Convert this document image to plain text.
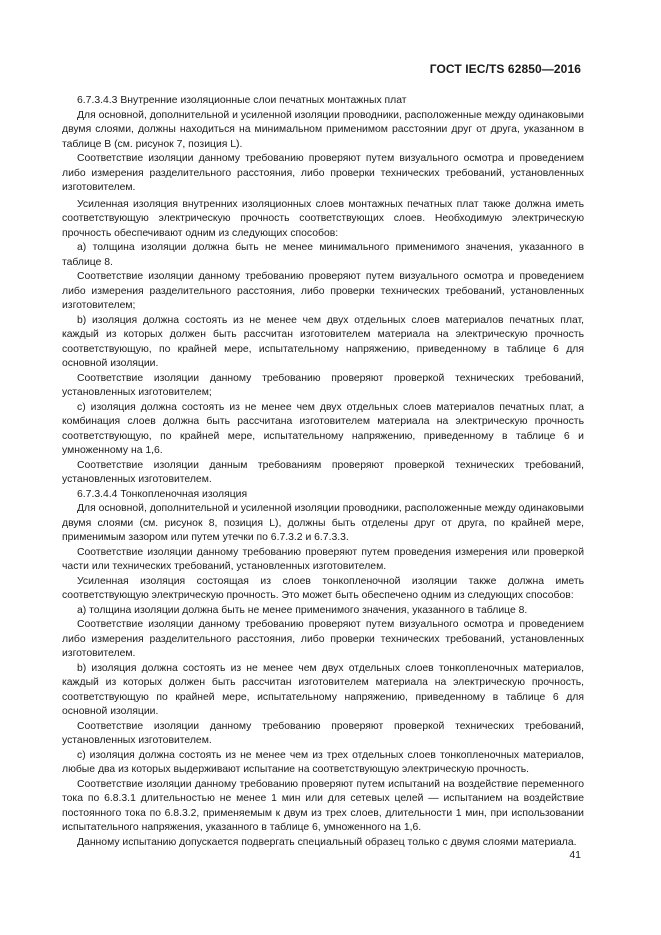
ГОСТ IEC/TS 62850—2016

6.7.3.4.3 Внутренние изоляционные слои печатных монтажных плат

Для основной, дополнительной и усиленной изоляции проводники, расположенные между одинаковыми двумя слоями, должны находиться на минимальном применимом расстоянии друг от друга, указанном в таблице В (см. рисунок 7, позиция L).

Соответствие изоляции данному требованию проверяют путем визуального осмотра и проведением либо измерения разделительного расстояния, либо проверки технических требований, установленных изготовителем.

Усиленная изоляция внутренних изоляционных слоев монтажных печатных плат также должна иметь соответствующую электрическую прочность соответствующих слоев. Необходимую электрическую прочность обеспечивают одним из следующих способов:

а) толщина изоляции должна быть не менее минимального применимого значения, указанного в таблице 8.

Соответствие изоляции данному требованию проверяют путем визуального осмотра и проведением либо измерения разделительного расстояния, либо проверки технических требований, установленных изготовителем;

b) изоляция должна состоять из не менее чем двух отдельных слоев материалов печатных плат, каждый из которых должен быть рассчитан изготовителем материала на электрическую прочность соответствующую, по крайней мере, испытательному напряжению, приведенному в таблице 6 для основной изоляции.

Соответствие изоляции данному требованию проверяют проверкой технических требований, установленных изготовителем;

с) изоляция должна состоять из не менее чем двух отдельных слоев материалов печатных плат, а комбинация слоев должна быть рассчитана изготовителем материала на электрическую прочность соответствующую, по крайней мере, испытательному напряжению, приведенному в таблице 6 и умноженному на 1,6.

Соответствие изоляции данным требованиям проверяют проверкой технических требований, установленных изготовителем.

6.7.3.4.4 Тонкопленочная изоляция

Для основной, дополнительной и усиленной изоляции проводники, расположенные между одинаковыми двумя слоями (см. рисунок 8, позиция L), должны быть отделены друг от друга, по крайней мере, применимым зазором или путем утечки по 6.7.3.2 и 6.7.3.3.

Соответствие изоляции данному требованию проверяют путем проведения измерения или проверкой части или технических требований, установленных изготовителем.

Усиленная изоляция состоящая из слоев тонкопленочной изоляции также должна иметь соответствующую электрическую прочность. Это может быть обеспечено одним из следующих способов:

а) толщина изоляции должна быть не менее применимого значения, указанного в таблице 8.

Соответствие изоляции данному требованию проверяют путем визуального осмотра и проведением либо измерения разделительного расстояния, либо проверки технических требований, установленных изготовителем.

b) изоляция должна состоять из не менее чем двух отдельных слоев тонкопленочных материалов, каждый из которых должен быть рассчитан изготовителем материала на электрическую прочность, соответствующую по крайней мере, испытательному напряжению, приведенному в таблице 6 для основной изоляции.

Соответствие изоляции данному требованию проверяют проверкой технических требований, установленных изготовителем.

с) изоляция должна состоять из не менее чем из трех отдельных слоев тонкопленочных материалов, любые два из которых выдерживают испытание на соответствующую электрическую прочность.

Соответствие изоляции данному требованию проверяют путем испытаний на воздействие переменного тока по 6.8.3.1 длительностью не менее 1 мин или для сетевых целей — испытанием на воздействие постоянного тока по 6.8.3.2, применяемым к двум из трех слоев, длительности 1 мин, при использовании испытательного напряжения, указанного в таблице 6, умноженного на 1,6.

Данному испытанию допускается подвергать специальный образец только с двумя слоями материала.

41
